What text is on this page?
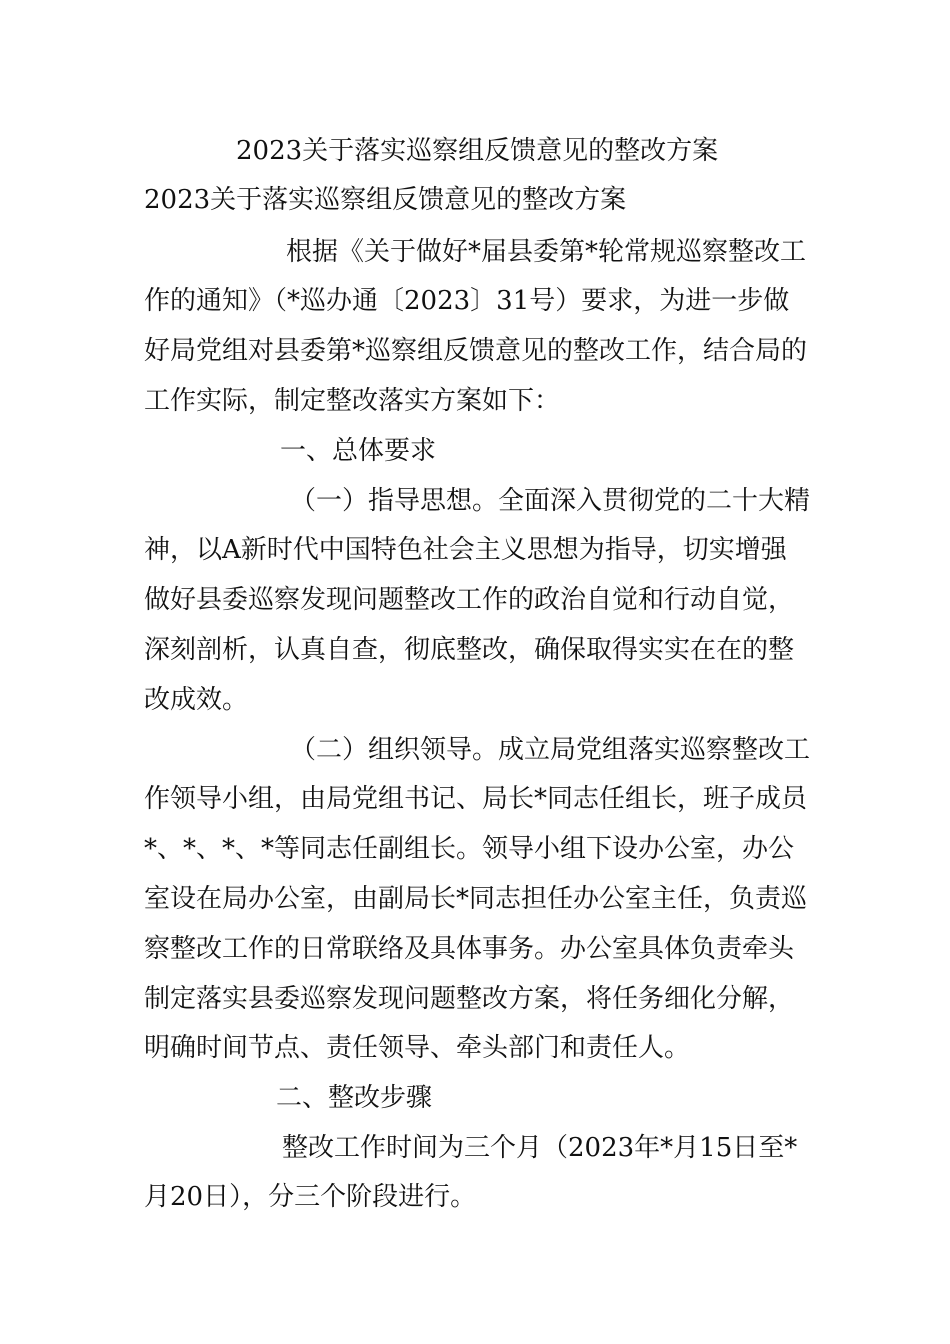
2023关于落实巡察组反馈意见的整改方案
2023关于落实巡察组反馈意见的整改方案
根据《关于做好*届县委第*轮常规巡察整改工
作的通知》（*巡办通〔2023〕31号）要求，为进一步做
好局党组对县委第*巡察组反馈意见的整改工作，结合局的
工作实际，制定整改落实方案如下：
一、总体要求
（一）指导思想。全面深入贯彻党的二十大精
神，以A新时代中国特色社会主义思想为指导，切实增强
做好县委巡察发现问题整改工作的政治自觉和行动自觉，
深刻剖析，认真自查，彻底整改，确保取得实实在在的整
改成效。
（二）组织领导。成立局党组落实巡察整改工
作领导小组，由局党组书记、局长*同志任组长，班子成员
*、*、*、*等同志任副组长。领导小组下设办公室，办公
室设在局办公室，由副局长*同志担任办公室主任，负责巡
察整改工作的日常联络及具体事务。办公室具体负责牵头
制定落实县委巡察发现问题整改方案，将任务细化分解，
明确时间节点、责任领导、牵头部门和责任人。
二、整改步骤
整改工作时间为三个月（2023年*月15日至*
月20日），分三个阶段进行。
